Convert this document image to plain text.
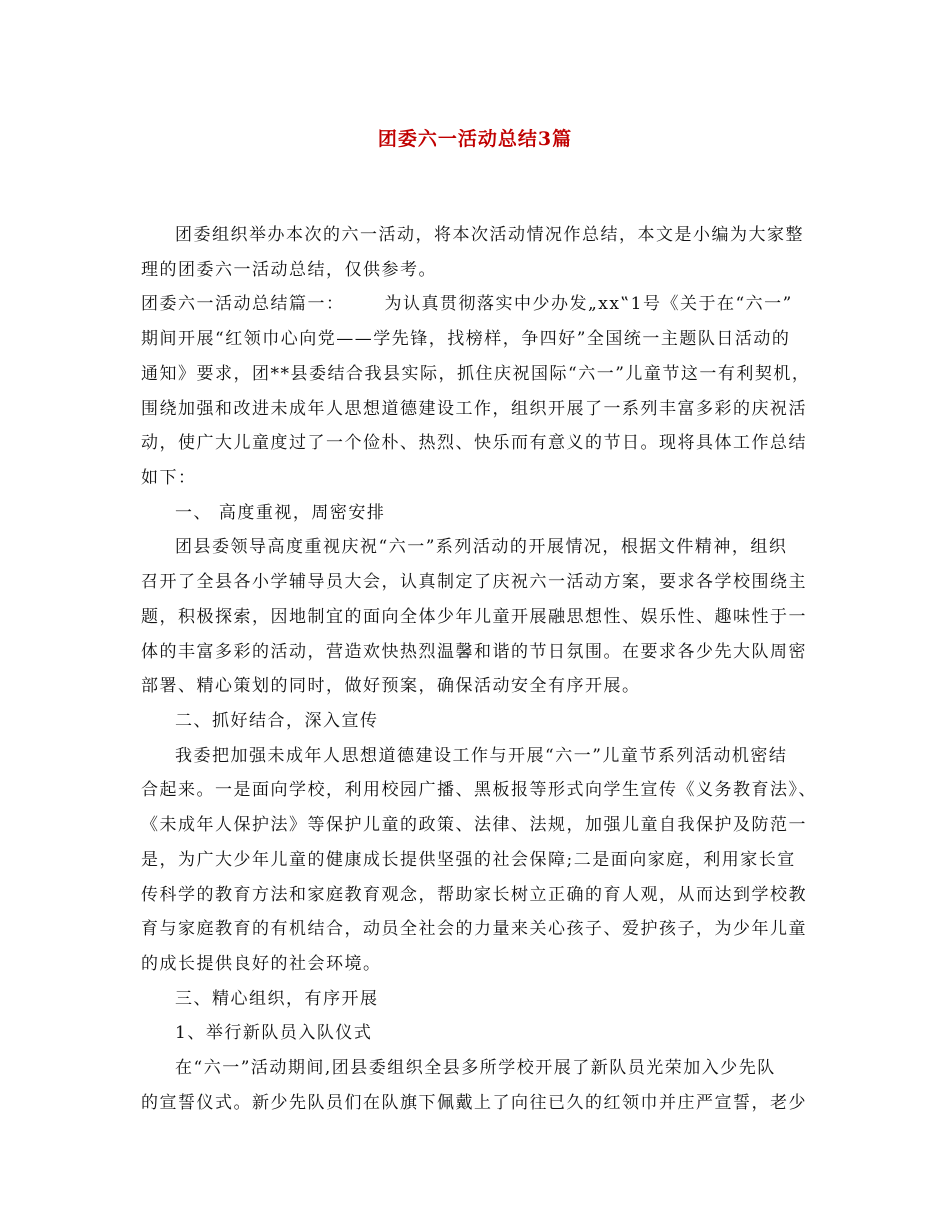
团委六一活动总结3篇
团委组织举办本次的六一活动，将本次活动情况作总结，本文是小编为大家整
理的团委六一活动总结，仅供参考。
团委六一活动总结篇一： 为认真贯彻落实中少办发„xx‟1号《关于在“六一”
期间开展“红领巾心向党——学先锋，找榜样，争四好”全国统一主题队日活动的
通知》要求，团**县委结合我县实际，抓住庆祝国际“六一”儿童节这一有利契机，
围绕加强和改进未成年人思想道德建设工作，组织开展了一系列丰富多彩的庆祝活
动，使广大儿童度过了一个俭朴、热烈、快乐而有意义的节日。现将具体工作总结
如下：
一、 高度重视，周密安排
团县委领导高度重视庆祝“六一”系列活动的开展情况，根据文件精神，组织
召开了全县各小学辅导员大会，认真制定了庆祝六一活动方案，要求各学校围绕主
题，积极探索，因地制宜的面向全体少年儿童开展融思想性、娱乐性、趣味性于一
体的丰富多彩的活动，营造欢快热烈温馨和谐的节日氛围。在要求各少先大队周密
部署、精心策划的同时，做好预案，确保活动安全有序开展。
二、抓好结合，深入宣传
我委把加强未成年人思想道德建设工作与开展“六一”儿童节系列活动机密结
合起来。一是面向学校，利用校园广播、黑板报等形式向学生宣传《义务教育法》、
《未成年人保护法》等保护儿童的政策、法律、法规，加强儿童自我保护及防范一
是，为广大少年儿童的健康成长提供坚强的社会保障;二是面向家庭，利用家长宣
传科学的教育方法和家庭教育观念，帮助家长树立正确的育人观，从而达到学校教
育与家庭教育的有机结合，动员全社会的力量来关心孩子、爱护孩子，为少年儿童
的成长提供良好的社会环境。
三、精心组织，有序开展
1、举行新队员入队仪式
在“六一”活动期间,团县委组织全县多所学校开展了新队员光荣加入少先队
的宣誓仪式。新少先队员们在队旗下佩戴上了向往已久的红领巾并庄严宣誓，老少
